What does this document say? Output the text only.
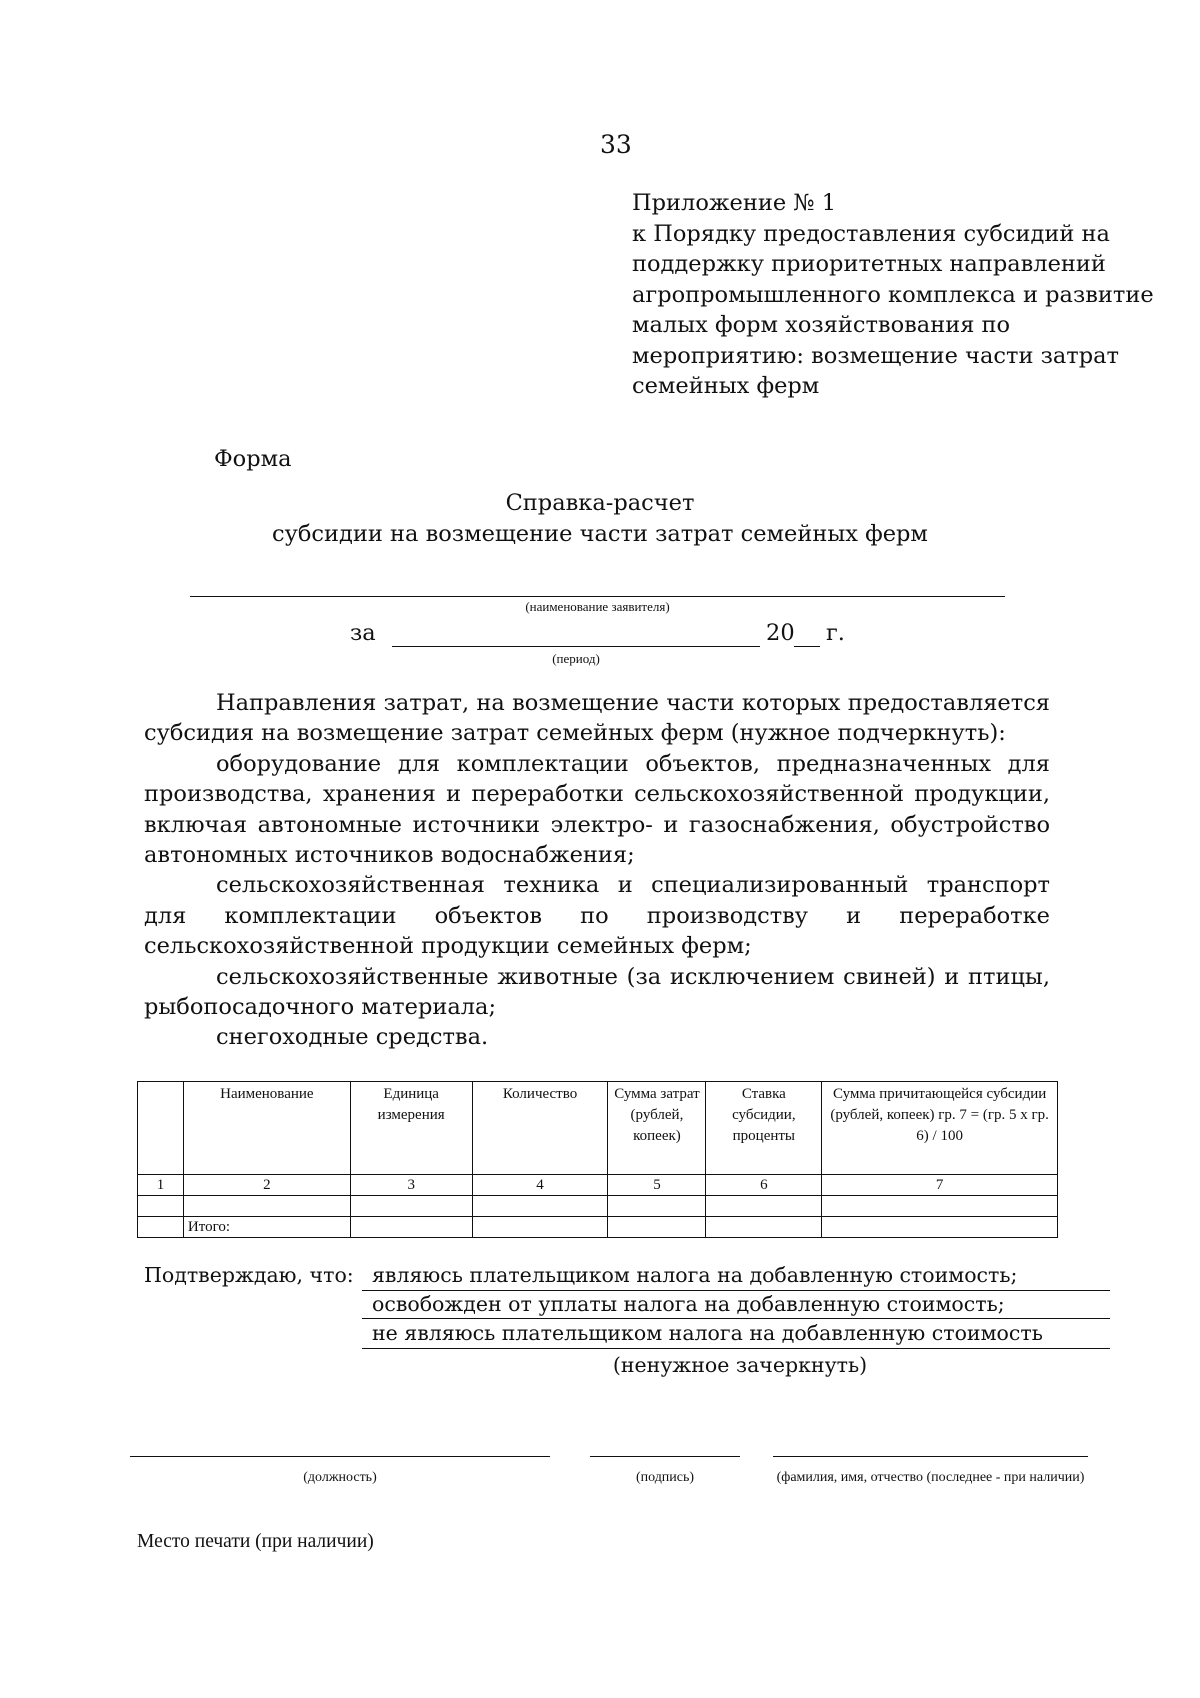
33
Приложение № 1
к Порядку предоставления субсидий на
поддержку приоритетных направлений
агропромышленного комплекса и развитие
малых форм хозяйствования по
мероприятию: возмещение части затрат
семейных ферм
Форма
Справка-расчет
субсидии на возмещение части затрат семейных ферм
(наименование заявителя)
за	20 г.
(период)

Направления затрат, на возмещение части которых предоставляется субсидия на возмещение затрат семейных ферм (нужное подчеркнуть):

оборудование для комплектации объектов, предназначенных для производства, хранения и переработки сельскохозяйственной продукции, включая автономные источники электро- и газоснабжения, обустройство автономных источников водоснабжения;

сельскохозяйственная техника и специализированный транспорт для комплектации объектов по производству и переработке сельскохозяйственной продукции семейных ферм;

сельскохозяйственные животные (за исключением свиней) и птицы, рыбопосадочного материала;

снегоходные средства.

	Наименование	Единица измерения	Количество	Сумма затрат (рублей, копеек)	Ставка субсидии, проценты	Сумма причитающейся субсидии (рублей, копеек) гр. 7 = (гр. 5 х гр. 6) / 100
1	2	3	4	5	6	7

	Итого:					
Подтверждаю, что: являюсь плательщиком налога на добавленную стоимость;
освобожден от уплаты налога на добавленную стоимость;
не являюсь плательщиком налога на добавленную стоимость
(ненужное зачеркнуть)
(должность)	(подпись)	(фамилия, имя, отчество (последнее - при наличии)
Место печати (при наличии)
